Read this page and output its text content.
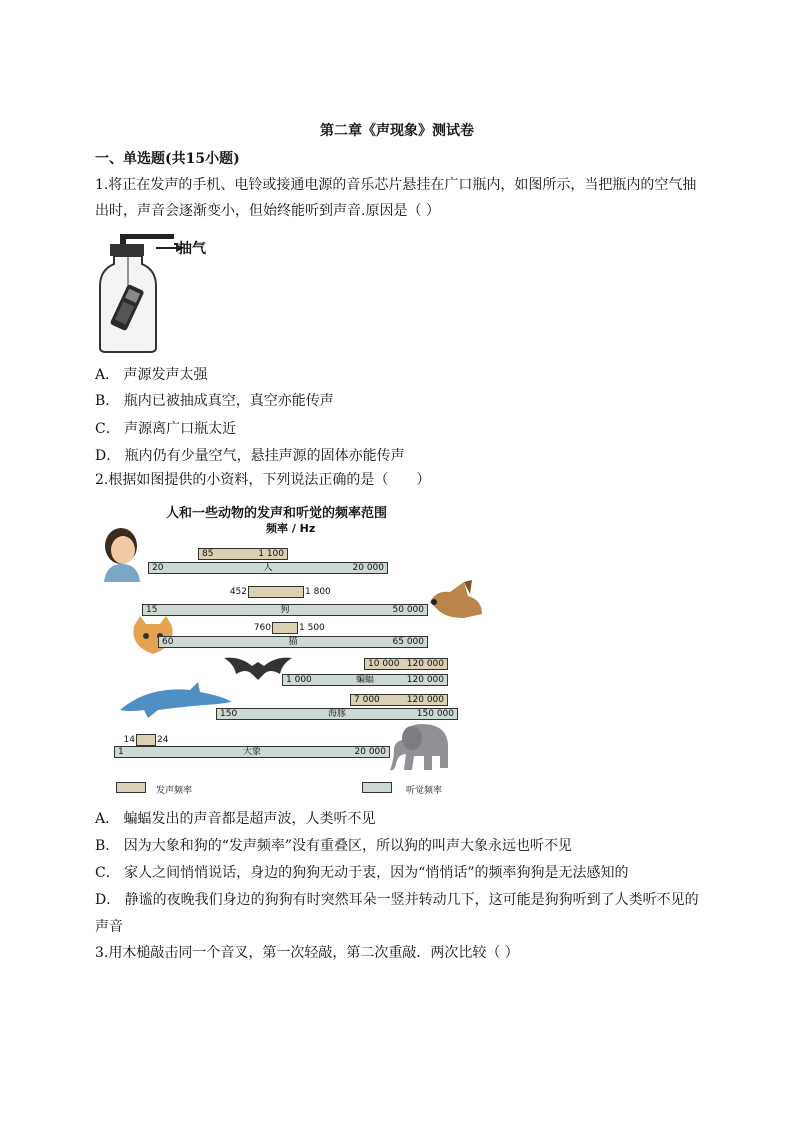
第二章《声现象》测试卷
一、单选题(共15小题)
1.将正在发声的手机、电铃或接通电源的音乐芯片悬挂在广口瓶内，如图所示，当把瓶内的空气抽
出时，声音会逐渐变小，但始终能听到声音.原因是（ ）
抽气
A． 声源发声太强
B． 瓶内已被抽成真空，真空亦能传声
C． 声源离广口瓶太近
D． 瓶内仍有少量空气，悬挂声源的固体亦能传声
2.根据如图提供的小资料，下列说法正确的是（　　）
人和一些动物的发声和听觉的频率范围
频率 / Hz
20	人	20 000
85	1 100
15	狗	50 000
452	1 800
60	猫	65 000
760	1 500
1 000	蝙蝠	120 000
10 000 120 000
150	海豚	150 000
7 000	120 000
1	大象	20 000
14 24
发声频率	听觉频率
A． 蝙蝠发出的声音都是超声波，人类听不见
B． 因为大象和狗的“发声频率”没有重叠区，所以狗的叫声大象永远也听不见
C． 家人之间悄悄说话，身边的狗狗无动于衷，因为“悄悄话”的频率狗狗是无法感知的
D． 静谧的夜晚我们身边的狗狗有时突然耳朵一竖并转动几下，这可能是狗狗听到了人类听不见的
声音
3.用木槌敲击同一个音叉，第一次轻敲，第二次重敲．两次比较（ ）
